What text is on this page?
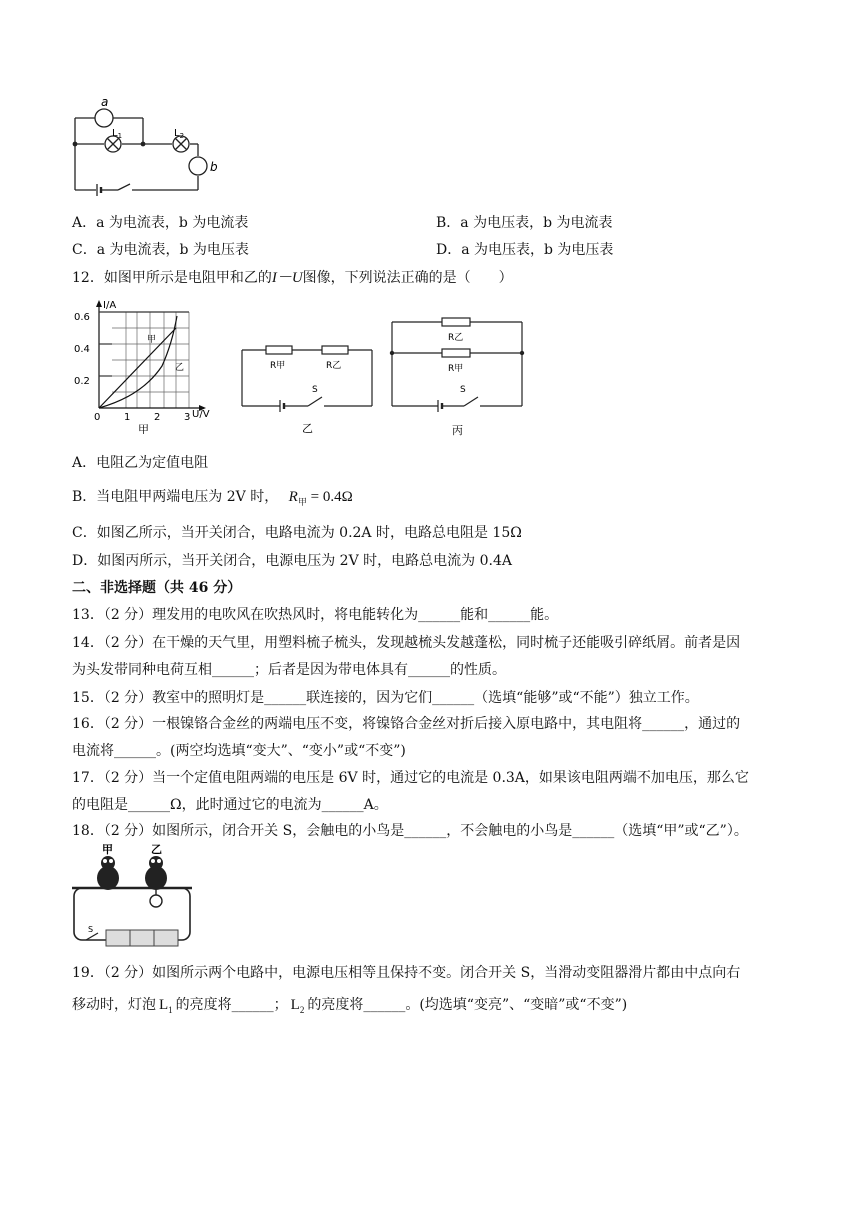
a
b
$L_1$	$L_2$
A．a 为电流表，b 为电流表	B．a 为电压表，b 为电流表
C．a 为电流表，b 为电压表	D．a 为电压表，b 为电压表
12．如图甲所示是电阻甲和乙的I－U图像，下列说法正确的是（　　）
I/A
U/V
0.6
0.4
0.2
0 1 2 3
甲
乙
甲
R甲	R乙
S
乙
R乙
R甲
S
丙
A．电阻乙为定值电阻
B．当电阻甲两端电压为 2V 时， $R_甲 = 0.4\Omega$
C．如图乙所示，当开关闭合，电路电流为 0.2A 时，电路总电阻是 15Ω
D．如图丙所示，当开关闭合，电源电压为 2V 时，电路总电流为 0.4A
二、非选择题（共 46 分）
13．（2 分）理发用的电吹风在吹热风时，将电能转化为______能和______能。
14．（2 分）在干燥的天气里，用塑料梳子梳头，发现越梳头发越蓬松，同时梳子还能吸引碎纸屑。前者是因
为头发带同种电荷互相______；后者是因为带电体具有______的性质。
15．（2 分）教室中的照明灯是______联连接的，因为它们______（选填“能够”或“不能”）独立工作。
16．（2 分）一根镍铬合金丝的两端电压不变，将镍铬合金丝对折后接入原电路中，其电阻将______，通过的
电流将______。(两空均选填“变大”、“变小”或“不变”)
17．（2 分）当一个定值电阻两端的电压是 6V 时，通过它的电流是 0.3A，如果该电阻两端不加电压，那么它
的电阻是______Ω，此时通过它的电流为______A。
18．（2 分）如图所示，闭合开关 S，会触电的小鸟是______，不会触电的小鸟是______（选填“甲”或“乙”）。
甲	乙
S
19．（2 分）如图所示两个电路中，电源电压相等且保持不变。闭合开关 S，当滑动变阻器滑片都由中点向右
移动时，灯泡 $L_1$ 的亮度将______； $L_2$ 的亮度将______。(均选填“变亮”、“变暗”或“不变”)
